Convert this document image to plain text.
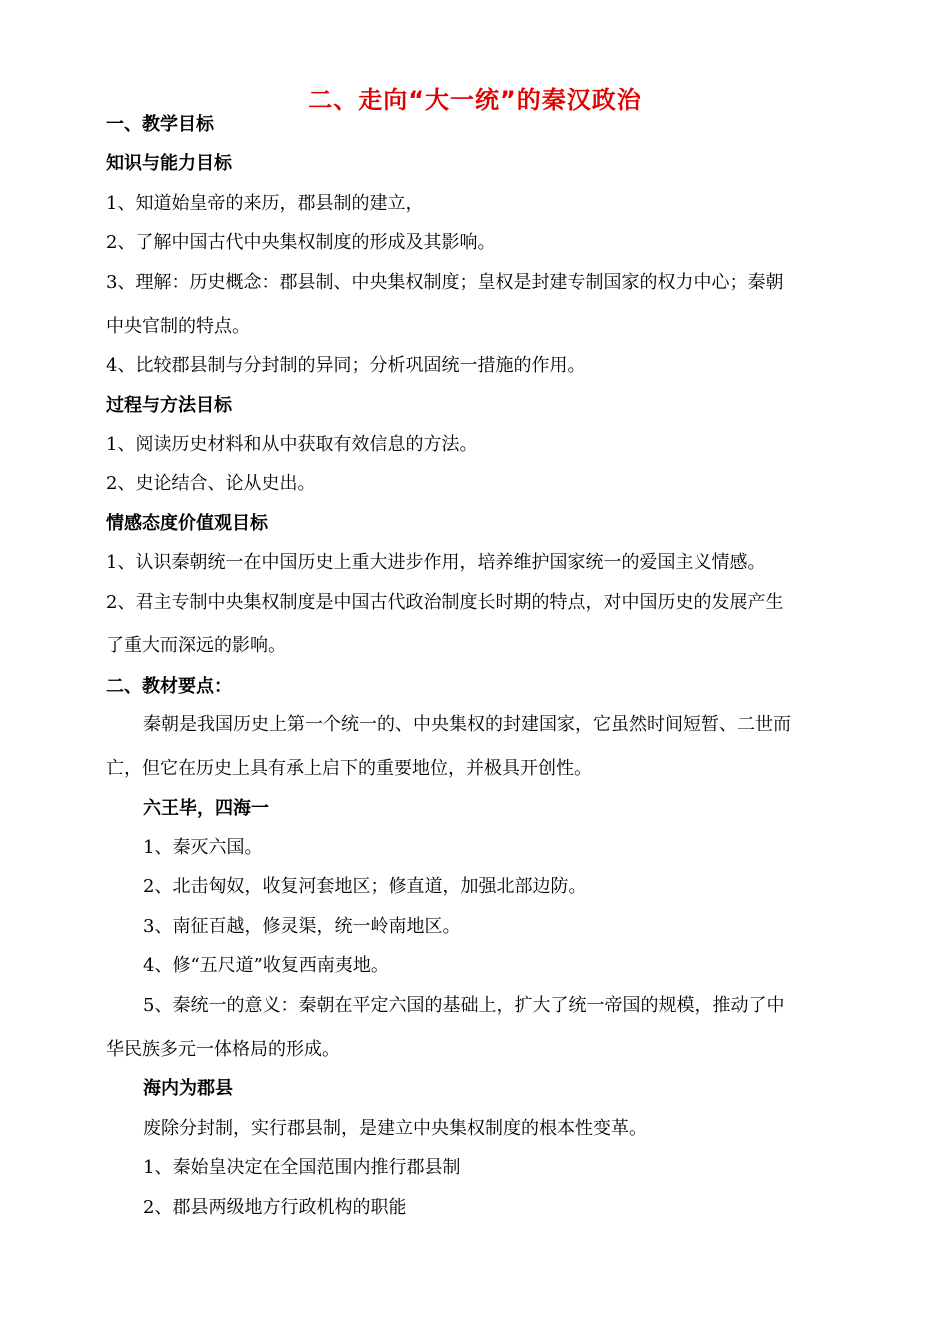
二、走向“大一统”的秦汉政治
一、教学目标
知识与能力目标
1、知道始皇帝的来历，郡县制的建立，
2、了解中国古代中央集权制度的形成及其影响。
3、理解：历史概念：郡县制、中央集权制度；皇权是封建专制国家的权力中心；秦朝
中央官制的特点。
4、比较郡县制与分封制的异同；分析巩固统一措施的作用。
过程与方法目标
1、阅读历史材料和从中获取有效信息的方法。
2、史论结合、论从史出。
情感态度价值观目标
1、认识秦朝统一在中国历史上重大进步作用，培养维护国家统一的爱国主义情感。
2、君主专制中央集权制度是中国古代政治制度长时期的特点，对中国历史的发展产生
了重大而深远的影响。
二、教材要点：
秦朝是我国历史上第一个统一的、中央集权的封建国家，它虽然时间短暂、二世而
亡，但它在历史上具有承上启下的重要地位，并极具开创性。
六王毕，四海一
1、秦灭六国。
2、北击匈奴，收复河套地区；修直道，加强北部边防。
3、南征百越，修灵渠，统一岭南地区。
4、修“五尺道”收复西南夷地。
5、秦统一的意义：秦朝在平定六国的基础上，扩大了统一帝国的规模，推动了中
华民族多元一体格局的形成。
海内为郡县
废除分封制，实行郡县制，是建立中央集权制度的根本性变革。
1、秦始皇决定在全国范围内推行郡县制
2、郡县两级地方行政机构的职能
